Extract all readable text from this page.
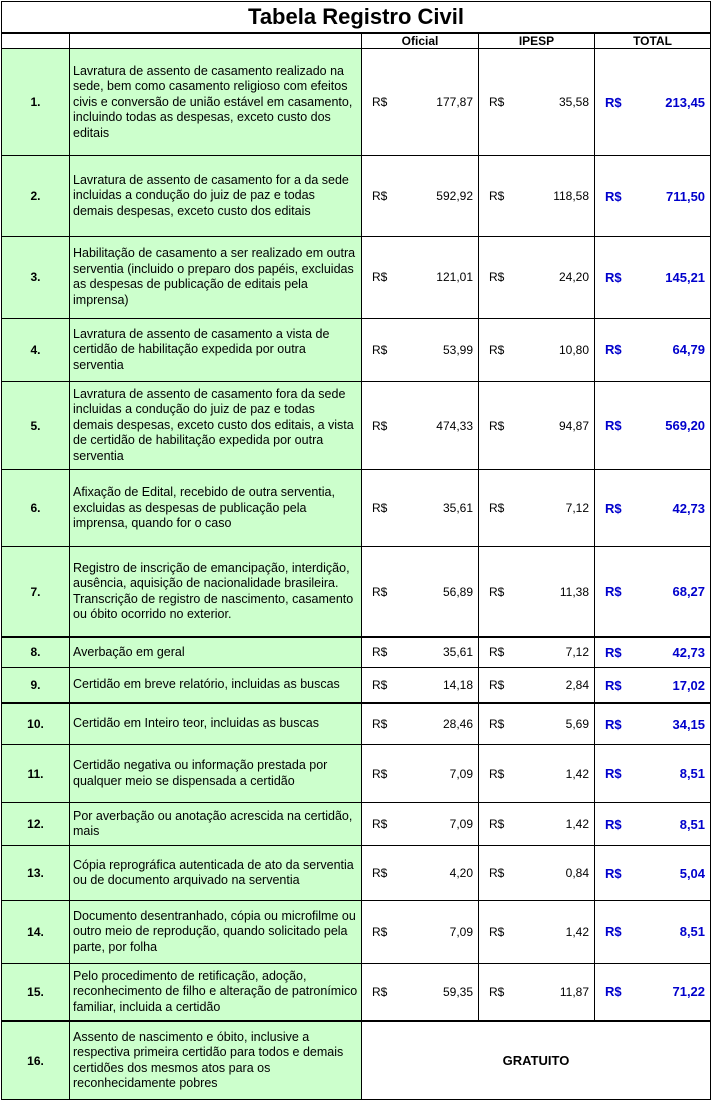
Tabela Registro Civil				
		Oficial	IPESP	TOTAL
1.	Lavratura de assento de casamento realizado na sede, bem como casamento religioso com efeitos civis e conversão de união estável em casamento, incluindo todas as despesas, exceto custo dos editais	R$ 177,87	R$ 35,58	R$ 213,45

2.	Lavratura de assento de casamento for a da sede incluidas a condução do juiz de paz e todas demais despesas, exceto custo dos editais	R$ 592,92	R$ 118,58	R$ 711,50

3.	Habilitação de casamento a ser realizado em outra serventia (incluido o preparo dos papéis, excluidas as despesas de publicação de editais pela imprensa)	R$ 121,01	R$ 24,20	R$ 145,21

4.	Lavratura de assento de casamento a vista de certidão de habilitação expedida por outra serventia	R$ 53,99	R$ 10,80	R$ 64,79

5.	Lavratura de assento de casamento fora da sede incluidas a condução do juiz de paz e todas demais despesas, exceto custo dos editais, a vista de certidão de habilitação expedida por outra serventia	R$ 474,33	R$ 94,87	R$ 569,20

6.	Afixação de Edital, recebido de outra serventia, excluidas as despesas de publicação pela imprensa, quando for o caso	R$ 35,61	R$ 7,12	R$ 42,73

7.	Registro de inscrição de emancipação, interdição, ausência, aquisição de nacionalidade brasileira. Transcrição de registro de nascimento, casamento ou óbito ocorrido no exterior.	R$ 56,89	R$ 11,38	R$ 68,27

8.	Averbação em geral	R$ 35,61	R$ 7,12	R$ 42,73

9.	Certidão em breve relatório, incluidas as buscas	R$ 14,18	R$ 2,84	R$ 17,02

10.	Certidão em Inteiro teor, incluidas as buscas	R$ 28,46	R$ 5,69	R$ 34,15

11.	Certidão negativa ou informação prestada por qualquer meio se dispensada a certidão	R$ 7,09	R$ 1,42	R$ 8,51

12.	Por averbação ou anotação acrescida na certidão, mais	R$ 7,09	R$ 1,42	R$ 8,51

13.	Cópia reprográfica autenticada de ato da serventia ou de documento arquivado na serventia	R$ 4,20	R$ 0,84	R$ 5,04

14.	Documento desentranhado, cópia ou microfilme ou outro meio de reprodução, quando solicitado pela parte, por folha	R$ 7,09	R$ 1,42	R$ 8,51

15.	Pelo procedimento de retificação, adoção, reconhecimento de filho e alteração de patronímico familiar, incluida a certidão	R$ 59,35	R$ 11,87	R$ 71,22

16.	Assento de nascimento e óbito, inclusive a respectiva primeira certidão para todos e demais certidões dos mesmos atos para os reconhecidamente pobres	GRATUITO		
